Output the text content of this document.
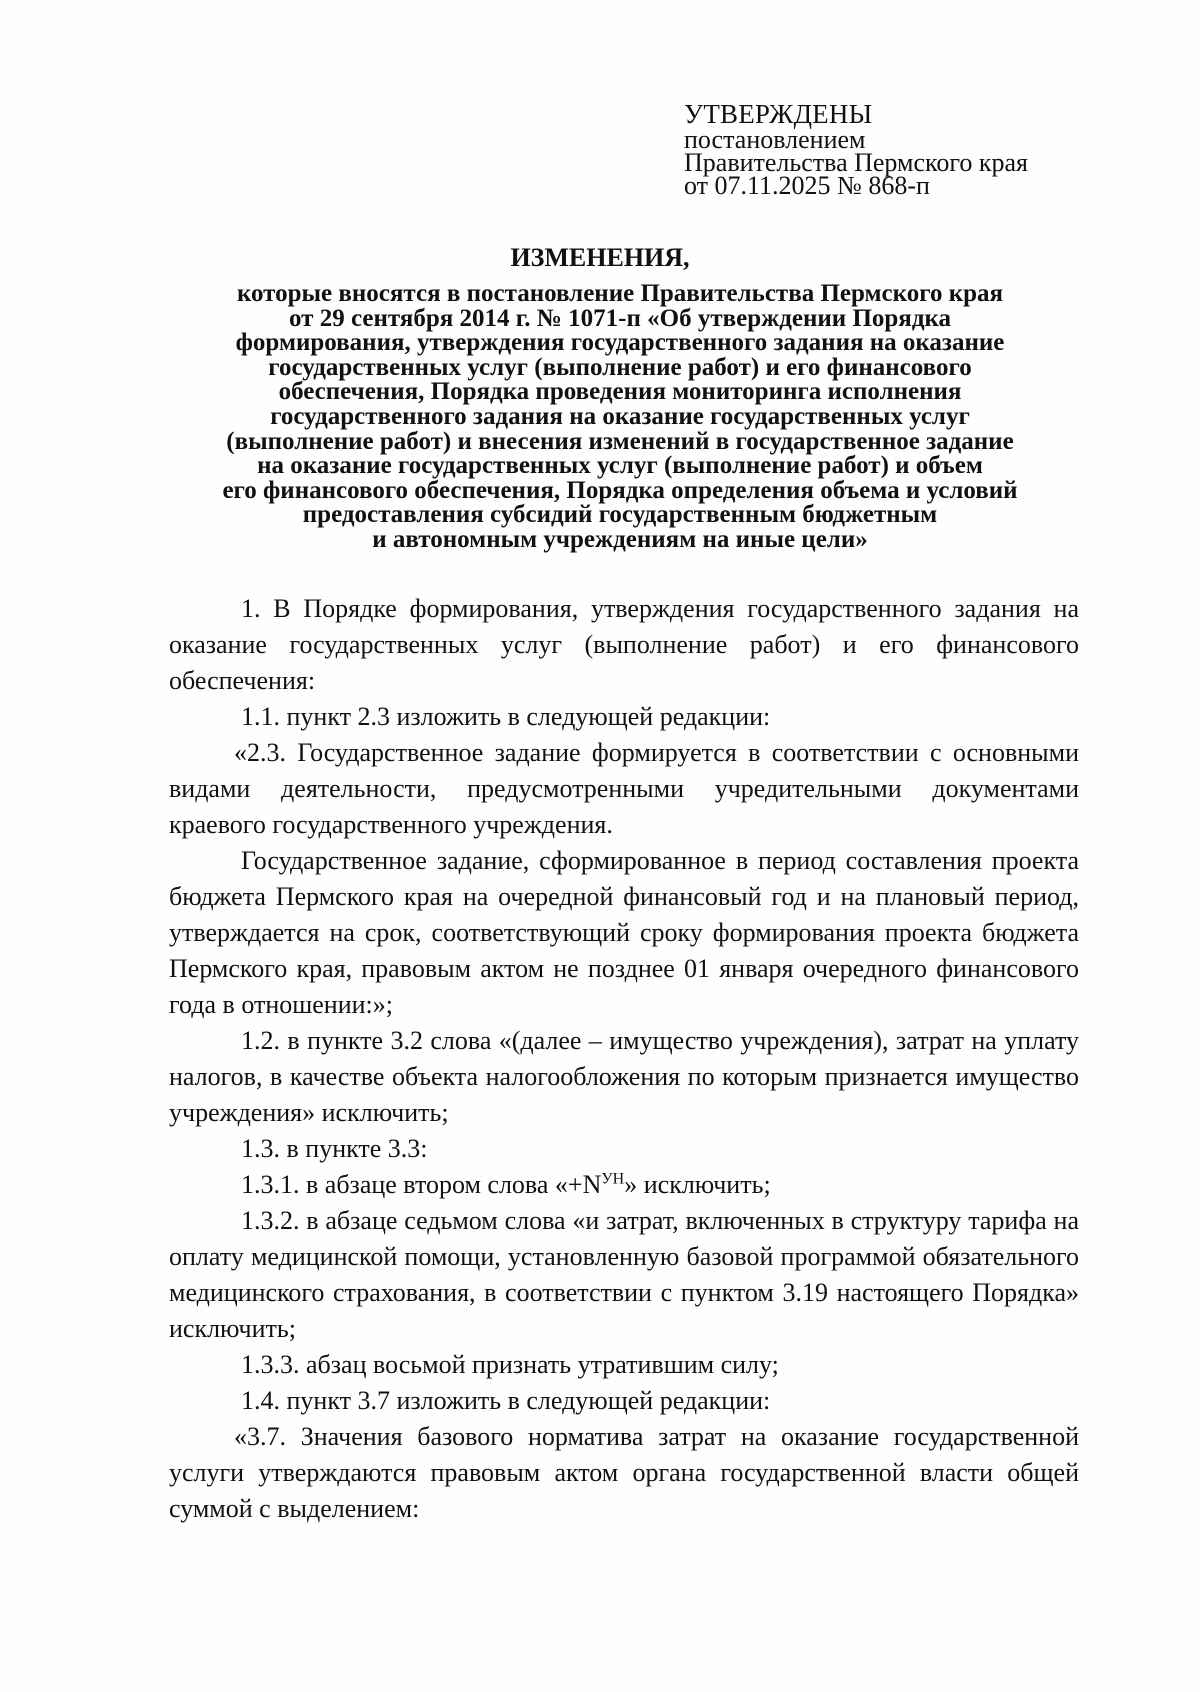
УТВЕРЖДЕНЫ
постановлением
Правительства Пермского края
от 07.11.2025 № 868-п
ИЗМЕНЕНИЯ,
которые вносятся в постановление Правительства Пермского края
от 29 сентября 2014 г. № 1071-п «Об утверждении Порядка
формирования, утверждения государственного задания на оказание
государственных услуг (выполнение работ) и его финансового
обеспечения, Порядка проведения мониторинга исполнения
государственного задания на оказание государственных услуг
(выполнение работ) и внесения изменений в государственное задание
на оказание государственных услуг (выполнение работ) и объем
его финансового обеспечения, Порядка определения объема и условий
предоставления субсидий государственным бюджетным
и автономным учреждениям на иные цели»

1. В Порядке формирования, утверждения государственного задания на оказание государственных услуг (выполнение работ) и его финансового обеспечения:

1.1. пункт 2.3 изложить в следующей редакции:

«2.3. Государственное задание формируется в соответствии с основными видами деятельности, предусмотренными учредительными документами краевого государственного учреждения.

Государственное задание, сформированное в период составления проекта бюджета Пермского края на очередной финансовый год и на плановый период, утверждается на срок, соответствующий сроку формирования проекта бюджета Пермского края, правовым актом не позднее 01 января очередного финансового года в отношении:»;

1.2. в пункте 3.2 слова «(далее – имущество учреждения), затрат на уплату налогов, в качестве объекта налогообложения по которым признается имущество учреждения» исключить;

1.3. в пункте 3.3:

1.3.1. в абзаце втором слова «$+N^{УН}$» исключить;

1.3.2. в абзаце седьмом слова «и затрат, включенных в структуру тарифа на оплату медицинской помощи, установленную базовой программой обязательного медицинского страхования, в соответствии с пунктом 3.19 настоящего Порядка» исключить;

1.3.3. абзац восьмой признать утратившим силу;

1.4. пункт 3.7 изложить в следующей редакции:

«3.7. Значения базового норматива затрат на оказание государственной услуги утверждаются правовым актом органа государственной власти общей суммой с выделением:
